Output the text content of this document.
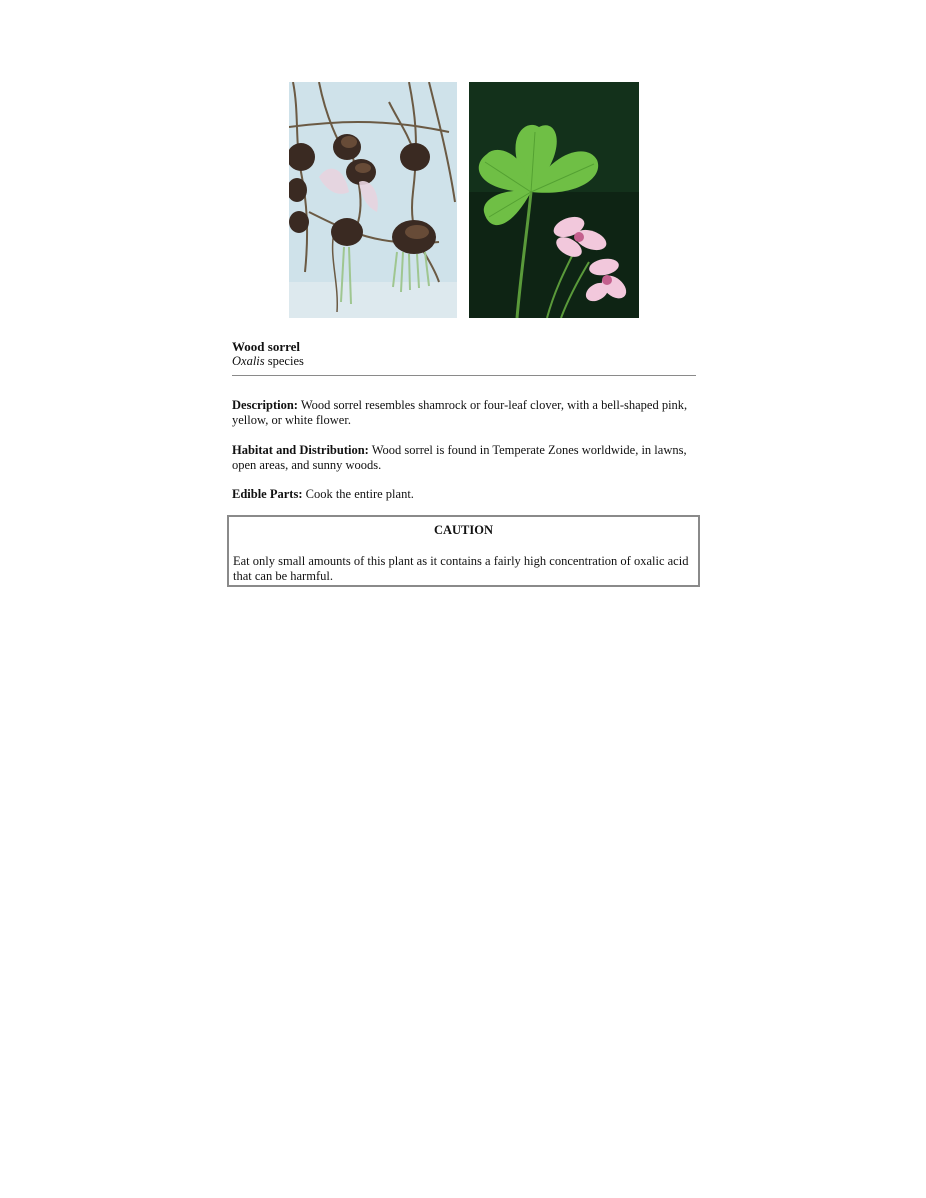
Wood sorrel

Oxalis species

Description: Wood sorrel resembles shamrock or four-leaf clover, with a bell-shaped pink, yellow, or white flower.

Habitat and Distribution: Wood sorrel is found in Temperate Zones worldwide, in lawns, open areas, and sunny woods.

Edible Parts: Cook the entire plant.

CAUTION
Eat only small amounts of this plant as it contains a fairly high concentration of oxalic acid that can be harmful.
